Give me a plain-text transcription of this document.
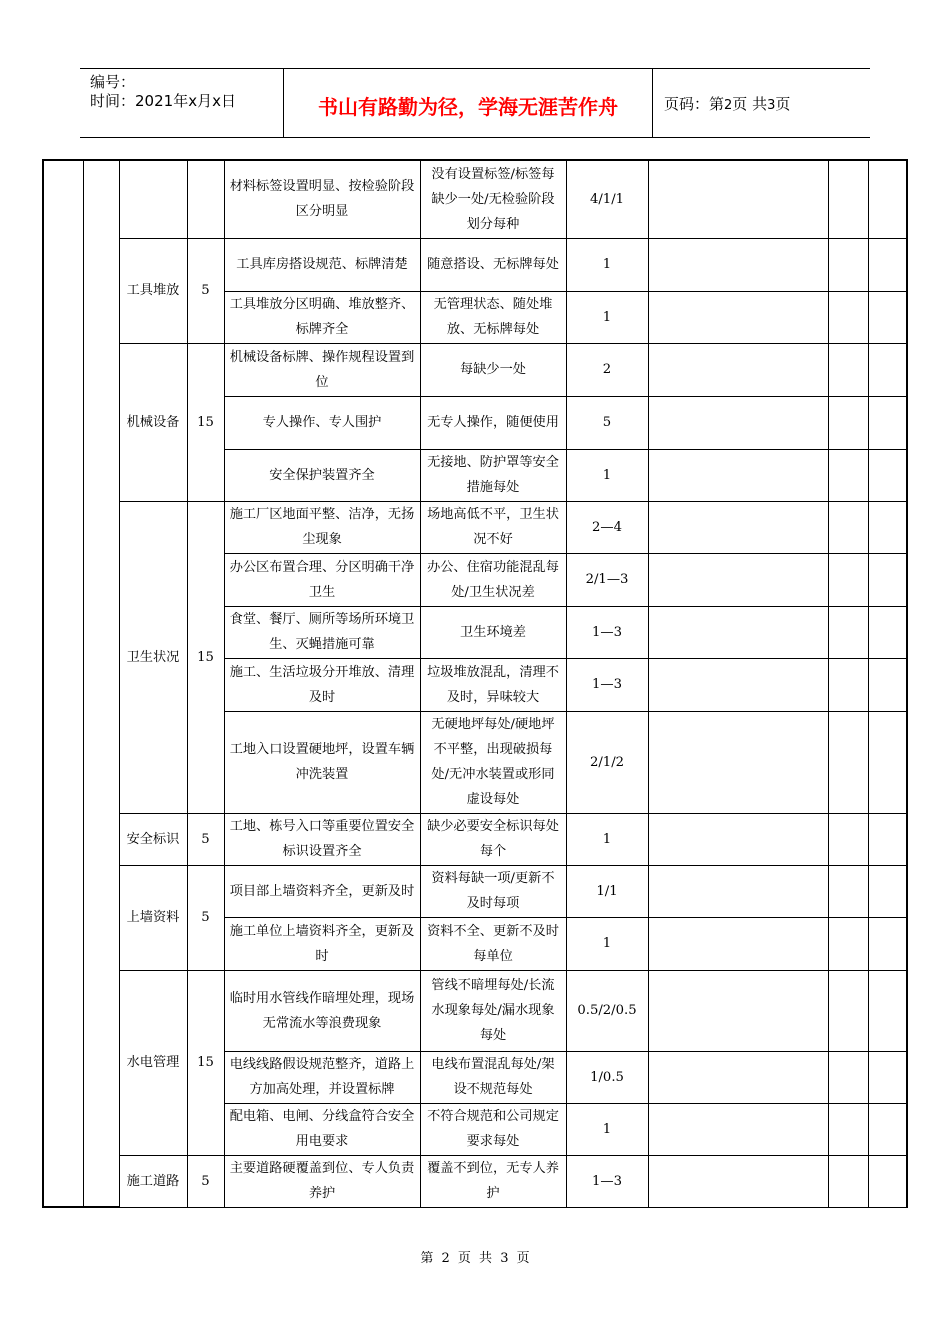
编号：
时间：2021年x月x日	书山有路勤为径，学海无涯苦作舟	页码：第2页 共3页
				材料标签设置明显、按检验阶段区分明显	没有设置标签/标签每缺少一处/无检验阶段划分每种	4/1/1			
		工具堆放	5	工具库房搭设规范、标牌清楚	随意搭设、无标牌每处	1			
				工具堆放分区明确、堆放整齐、标牌齐全	无管理状态、随处堆放、无标牌每处	1			
		机械设备	15	机械设备标牌、操作规程设置到位	每缺少一处	2			
				专人操作、专人围护	无专人操作，随便使用	5			
				安全保护装置齐全	无接地、防护罩等安全措施每处	1			
		卫生状况	15	施工厂区地面平整、洁净，无扬尘现象	场地高低不平，卫生状况不好	2—4			
				办公区布置合理、分区明确干净卫生	办公、住宿功能混乱每处/卫生状况差	2/1—3			
				食堂、餐厅、厕所等场所环境卫生、灭蝇措施可靠	卫生环境差	1—3			
				施工、生活垃圾分开堆放、清理及时	垃圾堆放混乱，清理不及时，异味较大	1—3			
				工地入口设置硬地坪，设置车辆冲洗装置	无硬地坪每处/硬地坪不平整，出现破损每处/无冲水装置或形同虚设每处	2/1/2			
		安全标识	5	工地、栋号入口等重要位置安全标识设置齐全	缺少必要安全标识每处每个	1			
		上墙资料	5	项目部上墙资料齐全，更新及时	资料每缺一项/更新不及时每项	1/1			
				施工单位上墙资料齐全，更新及时	资料不全、更新不及时每单位	1			
		水电管理	15	临时用水管线作暗埋处理，现场无常流水等浪费现象	管线不暗埋每处/长流水现象每处/漏水现象每处	0.5/2/0.5			
				电线线路假设规范整齐，道路上方加高处理，并设置标牌	电线布置混乱每处/架设不规范每处	1/0.5			
				配电箱、电闸、分线盒符合安全用电要求	不符合规范和公司规定要求每处	1			
		施工道路	5	主要道路硬覆盖到位、专人负责养护	覆盖不到位，无专人养护	1—3			
第 2 页 共 3 页
